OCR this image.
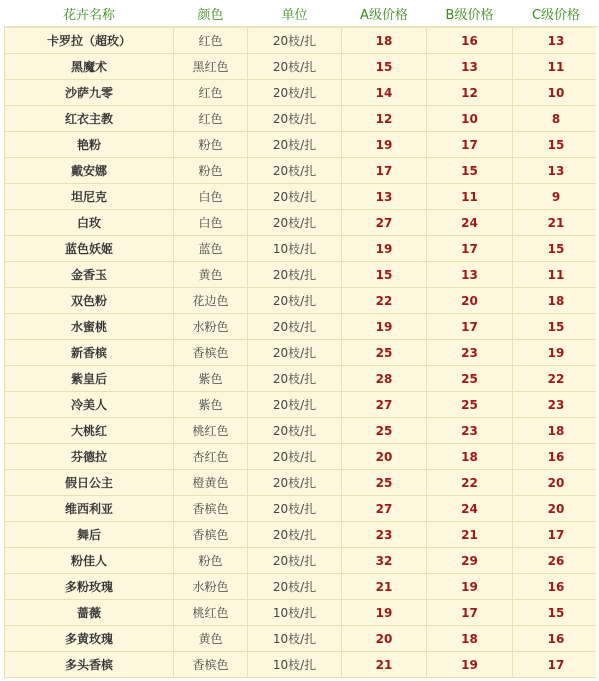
花卉名称	颜色	单位	A级价格	B级价格	C级价格
卡罗拉（超玫）	红色	20枝/扎	18	16	13
黑魔术	黑红色	20枝/扎	15	13	11
沙萨九零	红色	20枝/扎	14	12	10
红衣主教	红色	20枝/扎	12	10	8
艳粉	粉色	20枝/扎	19	17	15
戴安娜	粉色	20枝/扎	17	15	13
坦尼克	白色	20枝/扎	13	11	9
白玫	白色	20枝/扎	27	24	21
蓝色妖姬	蓝色	10枝/扎	19	17	15
金香玉	黄色	20枝/扎	15	13	11
双色粉	花边色	20枝/扎	22	20	18
水蜜桃	水粉色	20枝/扎	19	17	15
新香槟	香槟色	20枝/扎	25	23	19
紫皇后	紫色	20枝/扎	28	25	22
冷美人	紫色	20枝/扎	27	25	23
大桃红	桃红色	20枝/扎	25	23	18
芬德拉	杏红色	20枝/扎	20	18	16
假日公主	橙黄色	20枝/扎	25	22	20
维西利亚	香槟色	20枝/扎	27	24	20
舞后	香槟色	20枝/扎	23	21	17
粉佳人	粉色	20枝/扎	32	29	26
多粉玫瑰	水粉色	20枝/扎	21	19	16
蔷薇	桃红色	10枝/扎	19	17	15
多黄玫瑰	黄色	10枝/扎	20	18	16
多头香槟	香槟色	10枝/扎	21	19	17
